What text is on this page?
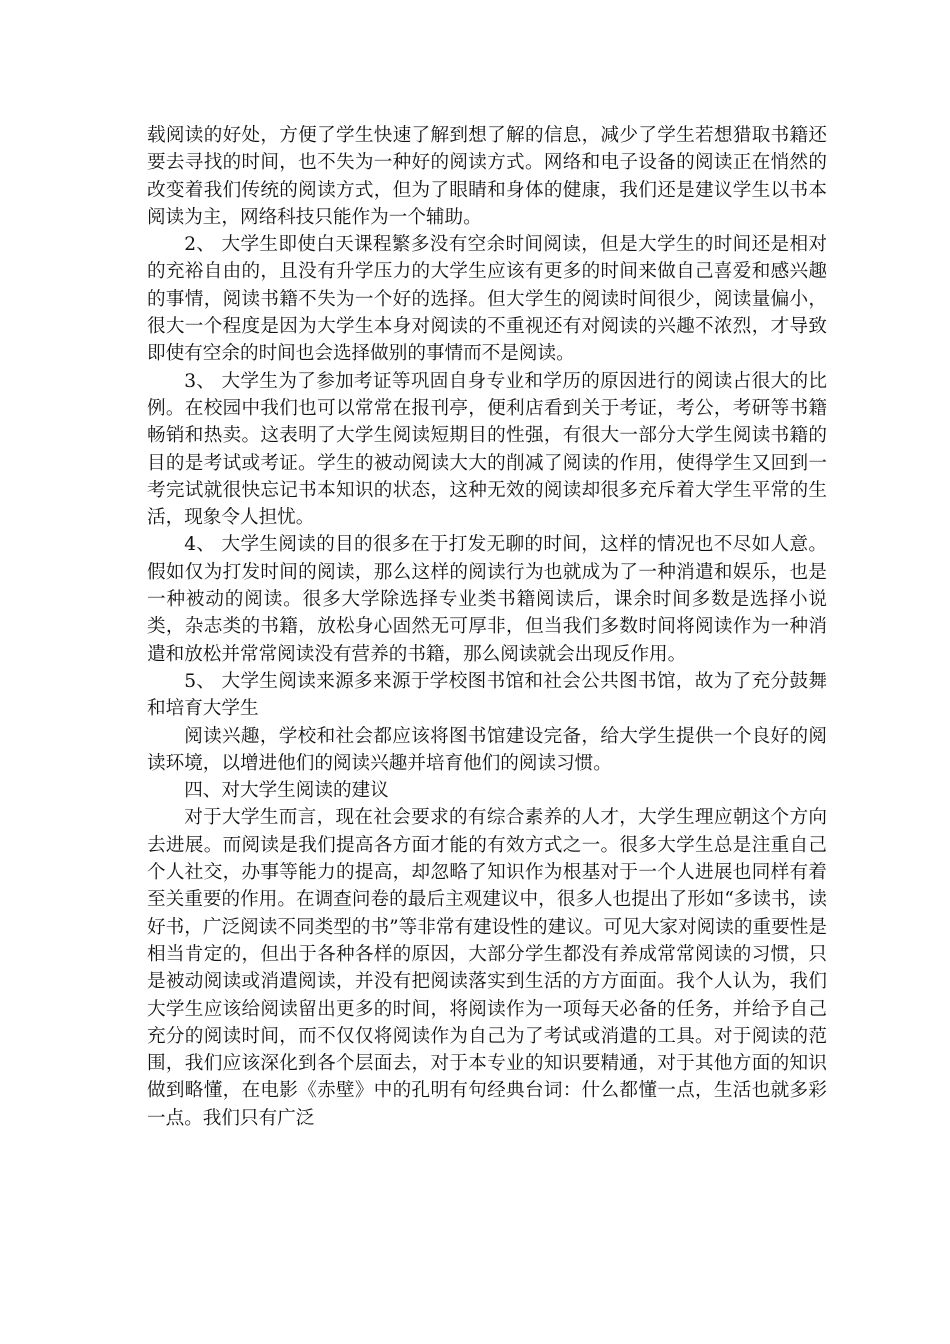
载阅读的好处，方便了学生快速了解到想了解的信息，减少了学生若想猎取书籍还要去寻找的时间，也不失为一种好的阅读方式。网络和电子设备的阅读正在悄然的改变着我们传统的阅读方式，但为了眼睛和身体的健康，我们还是建议学生以书本阅读为主，网络科技只能作为一个辅助。

2、 大学生即使白天课程繁多没有空余时间阅读，但是大学生的时间还是相对的充裕自由的，且没有升学压力的大学生应该有更多的时间来做自己喜爱和感兴趣的事情，阅读书籍不失为一个好的选择。但大学生的阅读时间很少，阅读量偏小，很大一个程度是因为大学生本身对阅读的不重视还有对阅读的兴趣不浓烈，才导致即使有空余的时间也会选择做别的事情而不是阅读。

3、 大学生为了参加考证等巩固自身专业和学历的原因进行的阅读占很大的比例。在校园中我们也可以常常在报刊亭，便利店看到关于考证，考公，考研等书籍畅销和热卖。这表明了大学生阅读短期目的性强，有很大一部分大学生阅读书籍的目的是考试或考证。学生的被动阅读大大的削减了阅读的作用，使得学生又回到一考完试就很快忘记书本知识的状态，这种无效的阅读却很多充斥着大学生平常的生活，现象令人担忧。

4、 大学生阅读的目的很多在于打发无聊的时间，这样的情况也不尽如人意。假如仅为打发时间的阅读，那么这样的阅读行为也就成为了一种消遣和娱乐，也是一种被动的阅读。很多大学除选择专业类书籍阅读后，课余时间多数是选择小说类，杂志类的书籍，放松身心固然无可厚非，但当我们多数时间将阅读作为一种消遣和放松并常常阅读没有营养的书籍，那么阅读就会出现反作用。

5、 大学生阅读来源多来源于学校图书馆和社会公共图书馆，故为了充分鼓舞和培育大学生

阅读兴趣，学校和社会都应该将图书馆建设完备，给大学生提供一个良好的阅读环境，以增进他们的阅读兴趣并培育他们的阅读习惯。

四、对大学生阅读的建议

对于大学生而言，现在社会要求的有综合素养的人才，大学生理应朝这个方向去进展。而阅读是我们提高各方面才能的有效方式之一。很多大学生总是注重自己个人社交，办事等能力的提高，却忽略了知识作为根基对于一个人进展也同样有着至关重要的作用。在调查问卷的最后主观建议中，很多人也提出了形如“多读书，读好书，广泛阅读不同类型的书”等非常有建设性的建议。可见大家对阅读的重要性是相当肯定的，但出于各种各样的原因，大部分学生都没有养成常常阅读的习惯，只是被动阅读或消遣阅读，并没有把阅读落实到生活的方方面面。我个人认为，我们大学生应该给阅读留出更多的时间，将阅读作为一项每天必备的任务，并给予自己充分的阅读时间，而不仅仅将阅读作为自己为了考试或消遣的工具。对于阅读的范围，我们应该深化到各个层面去，对于本专业的知识要精通，对于其他方面的知识做到略懂，在电影《赤壁》中的孔明有句经典台词：什么都懂一点，生活也就多彩一点。我们只有广泛
